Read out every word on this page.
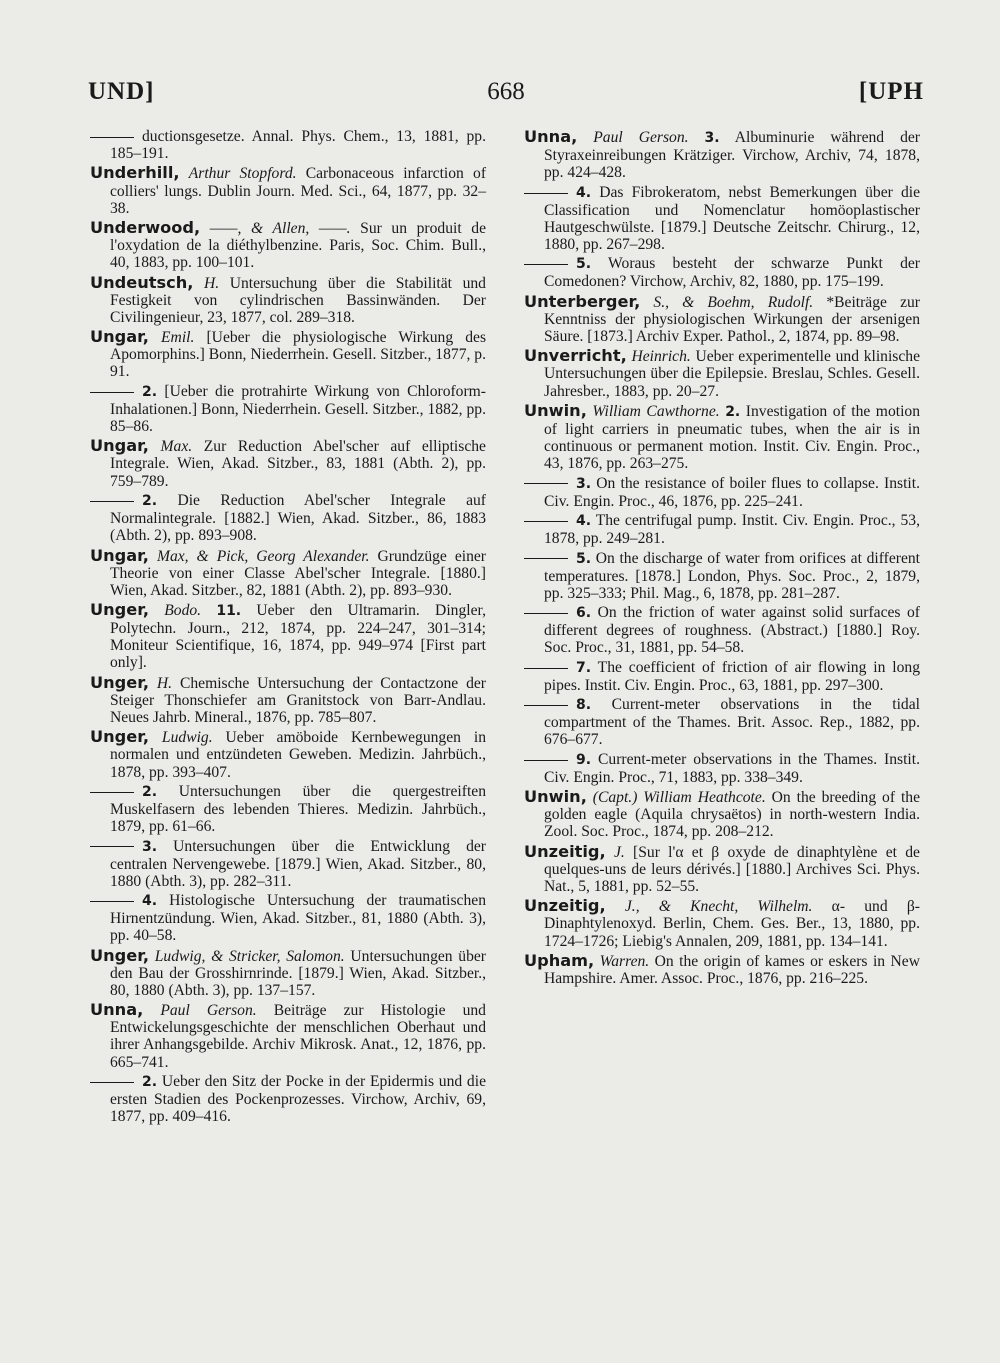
UND]	668	[UPH

ductionsgesetze. Annal. Phys. Chem., 13, 1881, pp. 185–191.

Underhill, Arthur Stopford. Carbonaceous infarction of colliers' lungs. Dublin Journ. Med. Sci., 64, 1877, pp. 32–38.

Underwood, ——, & Allen, ——. Sur un produit de l'oxydation de la diéthylbenzine. Paris, Soc. Chim. Bull., 40, 1883, pp. 100–101.

Undeutsch, H. Untersuchung über die Stabilität und Festigkeit von cylindrischen Bassinwänden. Der Civilingenieur, 23, 1877, col. 289–318.

Ungar, Emil. [Ueber die physiologische Wirkung des Apomorphins.] Bonn, Niederrhein. Gesell. Sitzber., 1877, p. 91.

2. [Ueber die protrahirte Wirkung von Chloroform-Inhalationen.] Bonn, Niederrhein. Gesell. Sitzber., 1882, pp. 85–86.

Ungar, Max. Zur Reduction Abel'scher auf elliptische Integrale. Wien, Akad. Sitzber., 83, 1881 (Abth. 2), pp. 759–789.

2. Die Reduction Abel'scher Integrale auf Normalintegrale. [1882.] Wien, Akad. Sitzber., 86, 1883 (Abth. 2), pp. 893–908.

Ungar, Max, & Pick, Georg Alexander. Grundzüge einer Theorie von einer Classe Abel'scher Integrale. [1880.] Wien, Akad. Sitzber., 82, 1881 (Abth. 2), pp. 893–930.

Unger, Bodo. 11. Ueber den Ultramarin. Dingler, Polytechn. Journ., 212, 1874, pp. 224–247, 301–314; Moniteur Scientifique, 16, 1874, pp. 949–974 [First part only].

Unger, H. Chemische Untersuchung der Contactzone der Steiger Thonschiefer am Granitstock von Barr-Andlau. Neues Jahrb. Mineral., 1876, pp. 785–807.

Unger, Ludwig. Ueber amöboide Kernbewegungen in normalen und entzündeten Geweben. Medizin. Jahrbüch., 1878, pp. 393–407.

2. Untersuchungen über die quergestreiften Muskelfasern des lebenden Thieres. Medizin. Jahrbüch., 1879, pp. 61–66.

3. Untersuchungen über die Entwicklung der centralen Nervengewebe. [1879.] Wien, Akad. Sitzber., 80, 1880 (Abth. 3), pp. 282–311.

4. Histologische Untersuchung der traumatischen Hirnentzündung. Wien, Akad. Sitzber., 81, 1880 (Abth. 3), pp. 40–58.

Unger, Ludwig, & Stricker, Salomon. Untersuchungen über den Bau der Grosshirnrinde. [1879.] Wien, Akad. Sitzber., 80, 1880 (Abth. 3), pp. 137–157.

Unna, Paul Gerson. Beiträge zur Histologie und Entwickelungsgeschichte der menschlichen Oberhaut und ihrer Anhangsgebilde. Archiv Mikrosk. Anat., 12, 1876, pp. 665–741.

2. Ueber den Sitz der Pocke in der Epidermis und die ersten Stadien des Pockenprozesses. Virchow, Archiv, 69, 1877, pp. 409–416.

Unna, Paul Gerson. 3. Albuminurie während der Styraxeinreibungen Krätziger. Virchow, Archiv, 74, 1878, pp. 424–428.

4. Das Fibrokeratom, nebst Bemerkungen über die Classification und Nomenclatur homöoplastischer Hautgeschwülste. [1879.] Deutsche Zeitschr. Chirurg., 12, 1880, pp. 267–298.

5. Woraus besteht der schwarze Punkt der Comedonen? Virchow, Archiv, 82, 1880, pp. 175–199.

Unterberger, S., & Boehm, Rudolf. *Beiträge zur Kenntniss der physiologischen Wirkungen der arsenigen Säure. [1873.] Archiv Exper. Pathol., 2, 1874, pp. 89–98.

Unverricht, Heinrich. Ueber experimentelle und klinische Untersuchungen über die Epilepsie. Breslau, Schles. Gesell. Jahresber., 1883, pp. 20–27.

Unwin, William Cawthorne. 2. Investigation of the motion of light carriers in pneumatic tubes, when the air is in continuous or permanent motion. Instit. Civ. Engin. Proc., 43, 1876, pp. 263–275.

3. On the resistance of boiler flues to collapse. Instit. Civ. Engin. Proc., 46, 1876, pp. 225–241.

4. The centrifugal pump. Instit. Civ. Engin. Proc., 53, 1878, pp. 249–281.

5. On the discharge of water from orifices at different temperatures. [1878.] London, Phys. Soc. Proc., 2, 1879, pp. 325–333; Phil. Mag., 6, 1878, pp. 281–287.

6. On the friction of water against solid surfaces of different degrees of roughness. (Abstract.) [1880.] Roy. Soc. Proc., 31, 1881, pp. 54–58.

7. The coefficient of friction of air flowing in long pipes. Instit. Civ. Engin. Proc., 63, 1881, pp. 297–300.

8. Current-meter observations in the tidal compartment of the Thames. Brit. Assoc. Rep., 1882, pp. 676–677.

9. Current-meter observations in the Thames. Instit. Civ. Engin. Proc., 71, 1883, pp. 338–349.

Unwin, (Capt.) William Heathcote. On the breeding of the golden eagle (Aquila chrysaëtos) in north-western India. Zool. Soc. Proc., 1874, pp. 208–212.

Unzeitig, J. [Sur l'α et β oxyde de dinaphtylène et de quelques-uns de leurs dérivés.] [1880.] Archives Sci. Phys. Nat., 5, 1881, pp. 52–55.

Unzeitig, J., & Knecht, Wilhelm. α- und β-Dinaphtylenoxyd. Berlin, Chem. Ges. Ber., 13, 1880, pp. 1724–1726; Liebig's Annalen, 209, 1881, pp. 134–141.

Upham, Warren. On the origin of kames or eskers in New Hampshire. Amer. Assoc. Proc., 1876, pp. 216–225.
